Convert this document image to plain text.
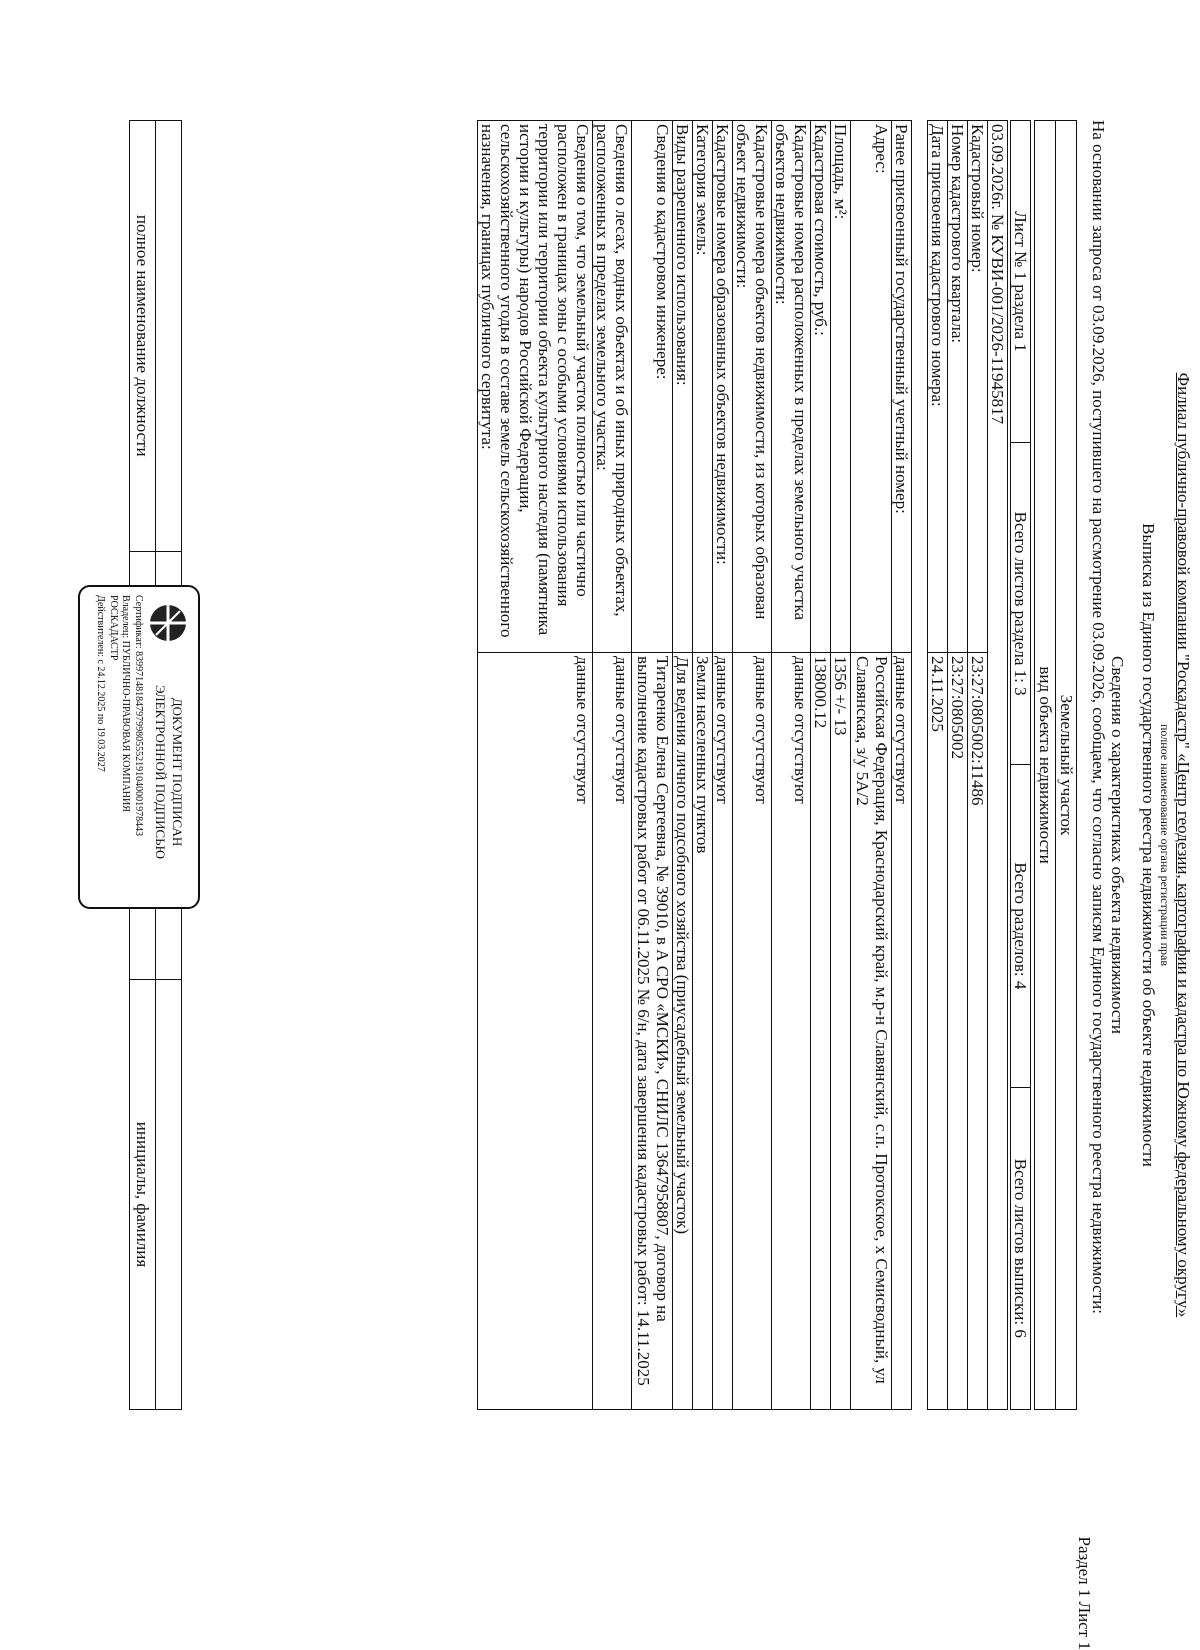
Филиал публично-правовой компании "Роскадастр" «Центр геодезии, картографии и кадастра по Южному федеральному округу»
полное наименование органа регистрации прав
Выписка из Единого государственного реестра недвижимости об объекте недвижимости
Сведения о характеристиках объекта недвижимости
На основании запроса от 03.09.2026, поступившего на рассмотрение 03.09.2026, сообщаем, что согласно записям Единого государственного реестра недвижимости:
Раздел 1 Лист 1
Земельный участок
вид объекта недвижимости
Лист № 1 раздела 1	Всего листов раздела 1: 3	Всего разделов: 4	Всего листов выписки: 6
03.09.2026г. № КУВИ-001/2026-11945817	
Кадастровый номер:	23:27:0805002:11486
Номер кадастрового квартала:	23:27:0805002
Дата присвоения кадастрового номера:	24.11.2025
Ранее присвоенный государственный учетный номер:	данные отсутствуют
Адрес:	Российская Федерация, Краснодарский край, м.р-н Славянский, с.п. Протокское, х Семисводный, ул Славянская, з/у 5А/2
Площадь, м²:	1356 +/- 13
Кадастровая стоимость, руб.:	138000.12
Кадастровые номера расположенных в пределах земельного участка объектов недвижимости:	данные отсутствуют
Кадастровые номера объектов недвижимости, из которых образован объект недвижимости:	данные отсутствуют
Кадастровые номера образованных объектов недвижимости:	данные отсутствуют
Категория земель:	Земли населенных пунктов
Виды разрешенного использования:	Для ведения личного подсобного хозяйства (приусадебный земельный участок)
Сведения о кадастровом инженере:	Титаренко Елена Сергеевна, № 39010, в А СРО «МСКИ», СНИЛС 13647958807, договор на выполнение кадастровых работ от 06.11.2025 № 6/н, дата завершения кадастровых работ: 14.11.2025
Сведения о лесах, водных объектах и об иных природных объектах, расположенных в пределах земельного участка:	данные отсутствуют
Сведения о том, что земельный участок полностью или частично расположен в границах зоны с особыми условиями использования территории или территории объекта культурного наследия (памятника истории и культуры) народов Российской Федерации, сельскохозяйственного угодья в составе земель сельскохозяйственного назначения, границах публичного сервитута:	данные отсутствуют

полное наименование должности		инициалы, фамилия
ДОКУМЕНТ ПОДПИСАН
ЭЛЕКТРОННОЙ ПОДПИСЬЮ
Сертификат: 839971481847979980555219104000197844З
Владелец: ПУБЛИЧНО-ПРАВОВАЯ КОМПАНИЯ
РОСКАДАСТР
Действителен: с 24.12.2025 по 19.03.2027
